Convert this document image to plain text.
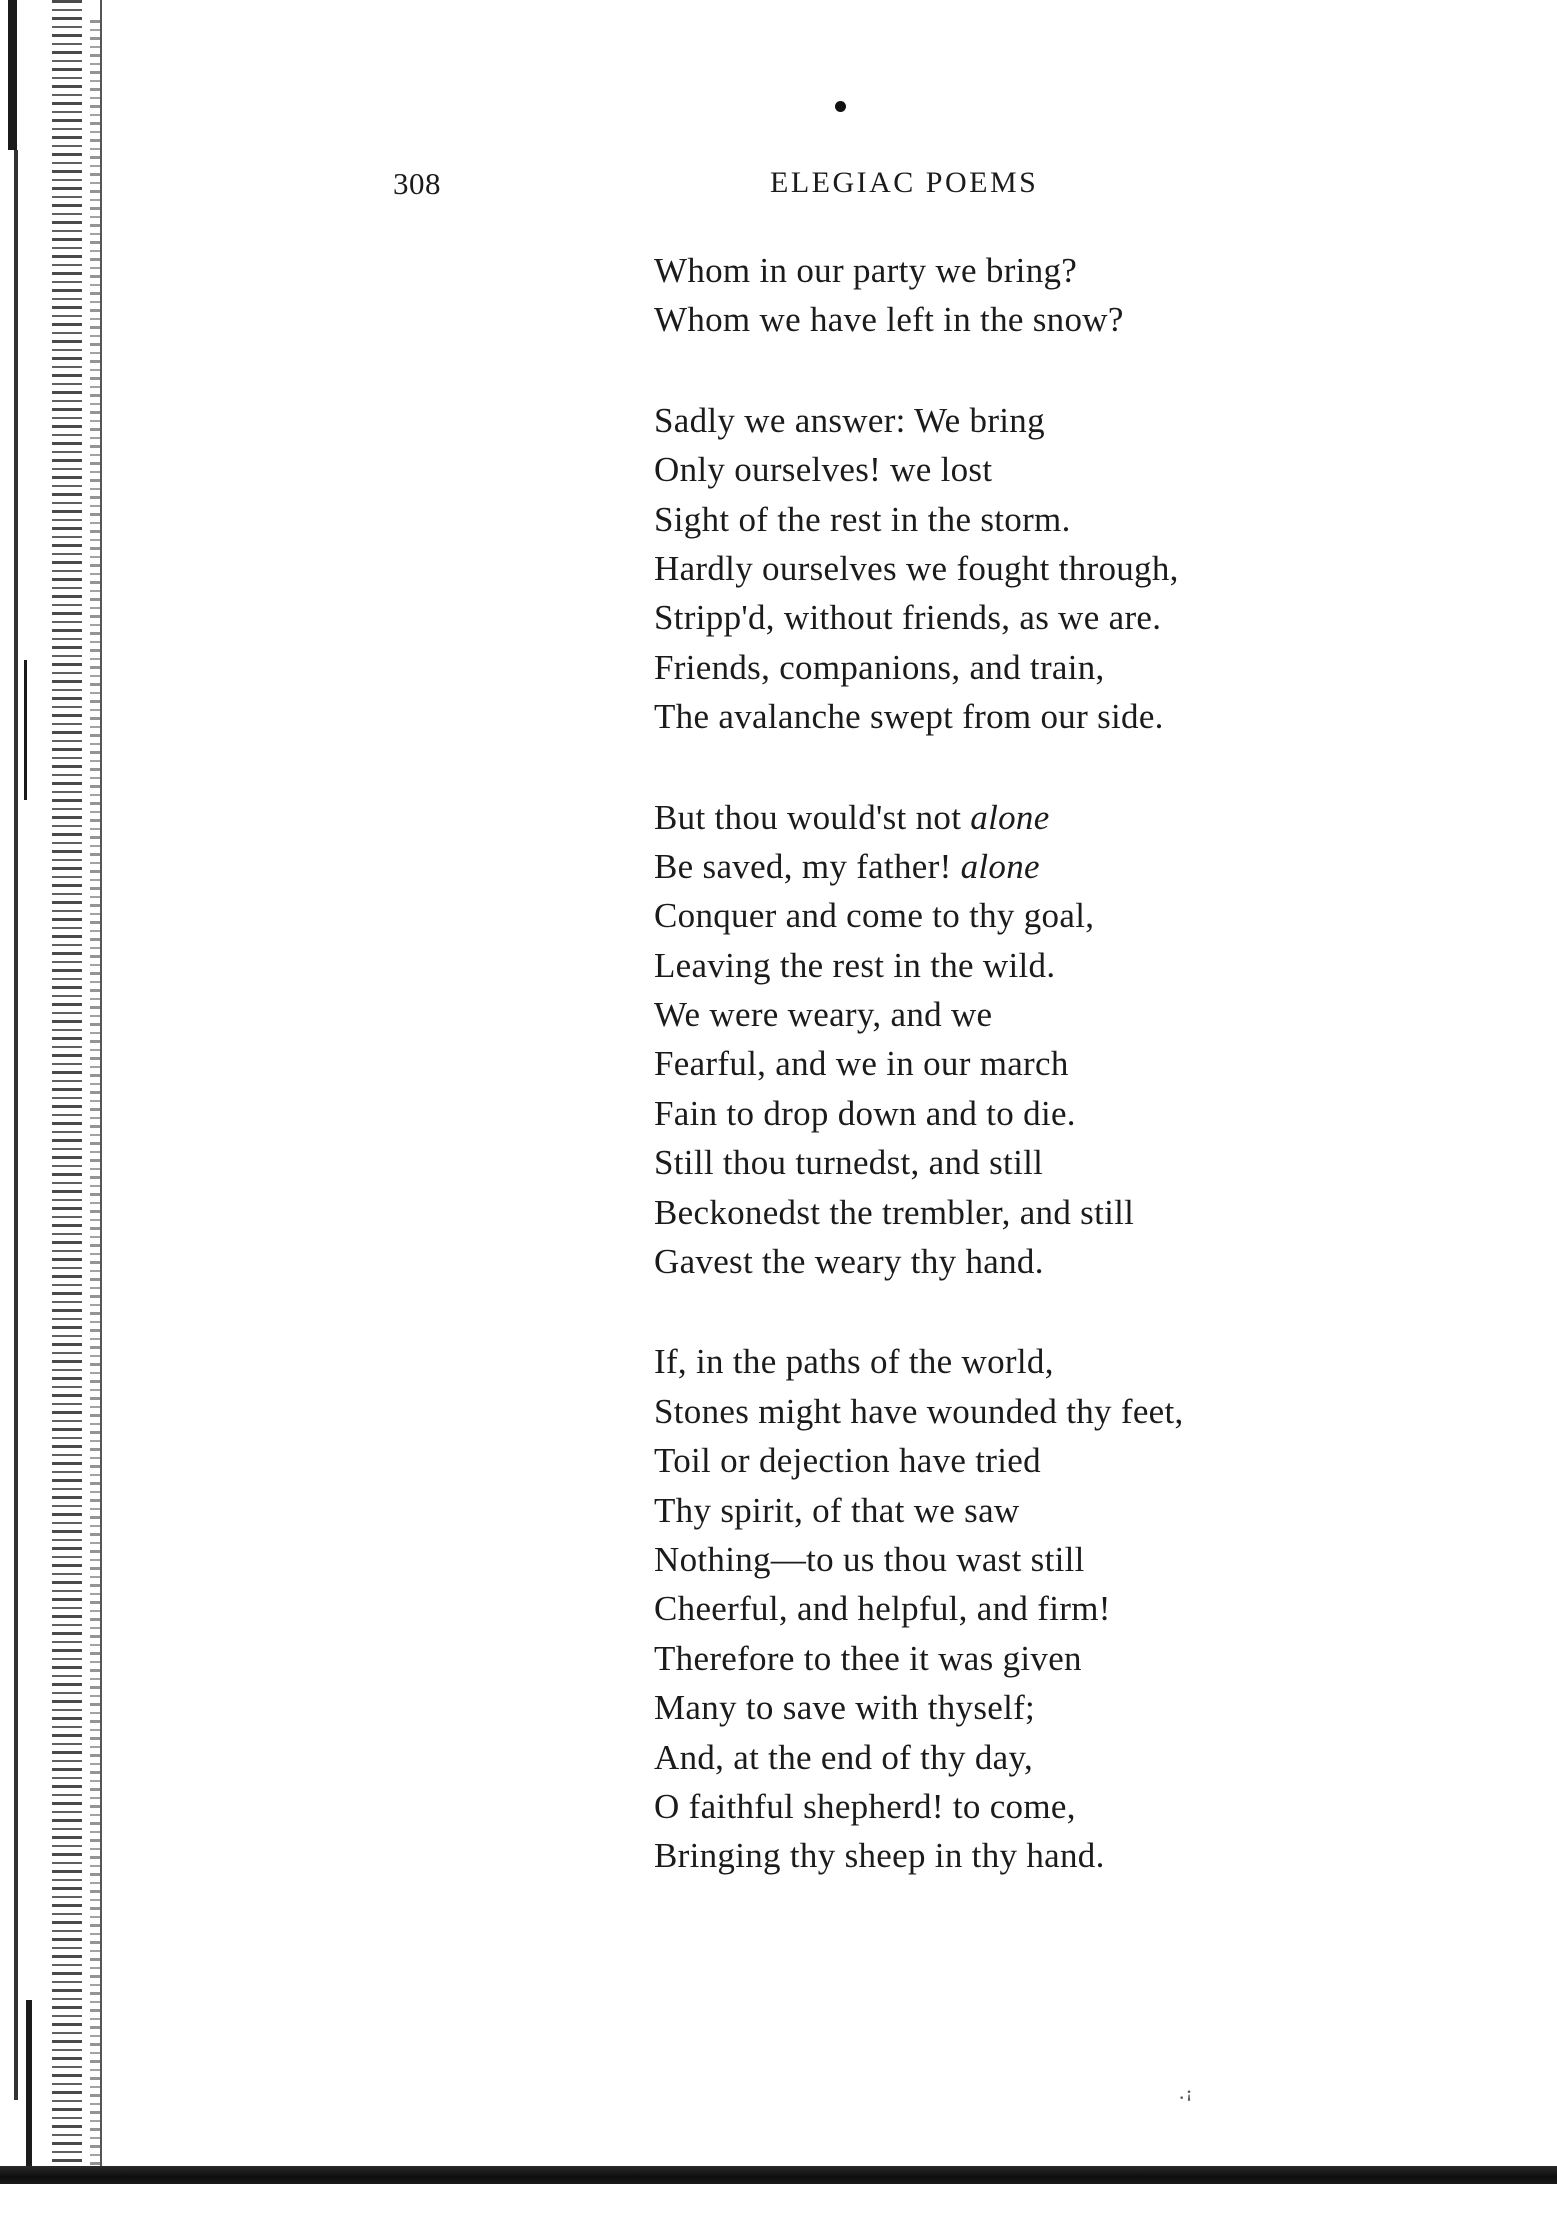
308	ELEGIAC POEMS
Whom in our party we bring?
Whom we have left in the snow?
Sadly we answer: We bring
Only ourselves! we lost
Sight of the rest in the storm.
Hardly ourselves we fought through,
Stripp'd, without friends, as we are.
Friends, companions, and train,
The avalanche swept from our side.
But thou would'st not alone
Be saved, my father! alone
Conquer and come to thy goal,
Leaving the rest in the wild.
We were weary, and we
Fearful, and we in our march
Fain to drop down and to die.
Still thou turnedst, and still
Beckonedst the trembler, and still
Gavest the weary thy hand.
If, in the paths of the world,
Stones might have wounded thy feet,
Toil or dejection have tried
Thy spirit, of that we saw
Nothing—to us thou wast still
Cheerful, and helpful, and firm!
Therefore to thee it was given
Many to save with thyself;
And, at the end of thy day,
O faithful shepherd! to come,
Bringing thy sheep in thy hand.
·ꜟ
